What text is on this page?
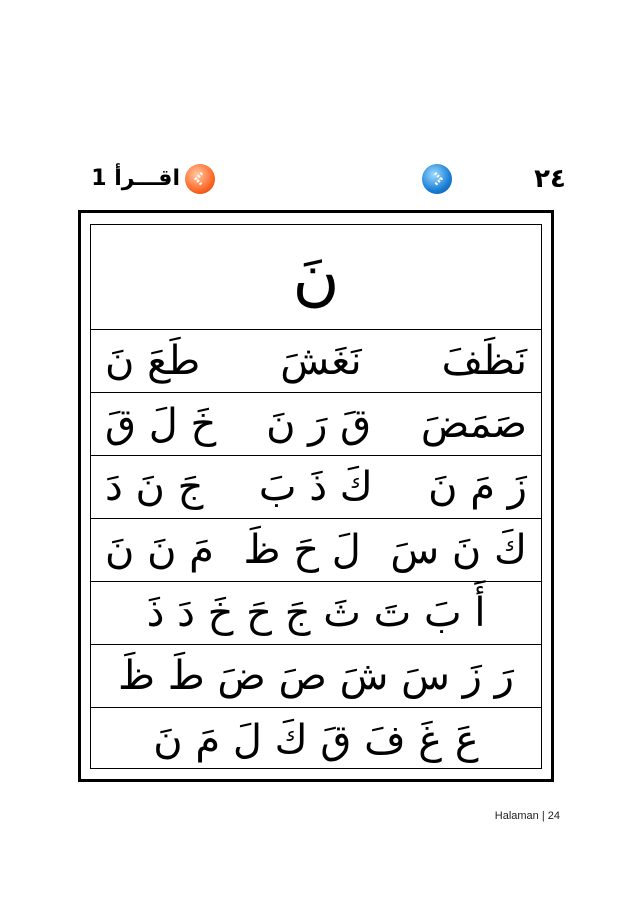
اقـــرأ 1	٢٤
نَ
نَظَفَ
نَغَشَ
طَعَ نَ
صَمَضَ
قَ رَ نَ
خَ لَ قَ
زَ مَ نَ
كَ ذَ بَ
جَ نَ دَ
كَ نَ سَ
لَ حَ ظَ
مَ نَ نَ
أَ بَ تَ ثَ جَ حَ خَ دَ ذَ
رَ زَ سَ شَ صَ ضَ طَ ظَ
عَ غَ فَ قَ كَ لَ مَ نَ
Halaman | 24
